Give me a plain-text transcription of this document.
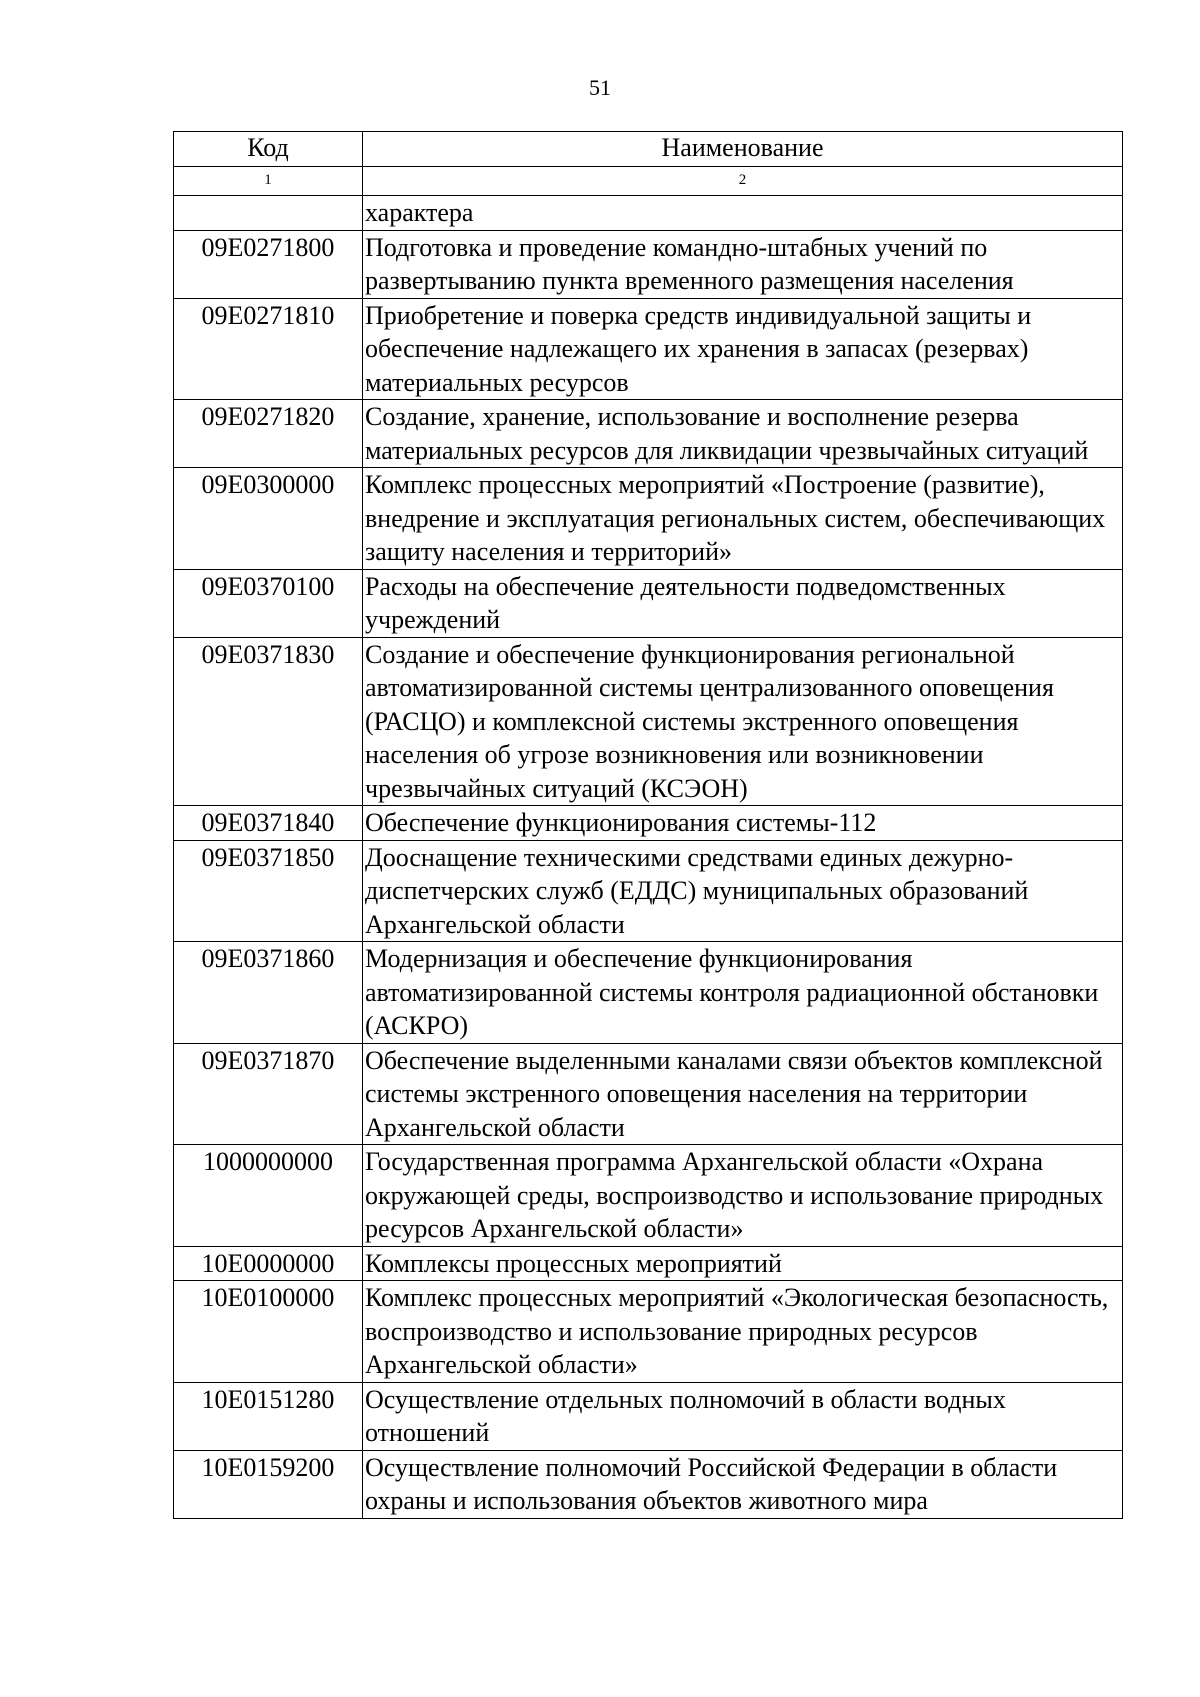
51
Код	Наименование
1	2
	характера
09Е0271800	Подготовка и проведение командно-штабных учений по развертыванию пункта временного размещения населения
09Е0271810	Приобретение и поверка средств индивидуальной защиты и обеспечение надлежащего их хранения в запасах (резервах) материальных ресурсов
09Е0271820	Создание, хранение, использование и восполнение резерва материальных ресурсов для ликвидации чрезвычайных ситуаций
09Е0300000	Комплекс процессных мероприятий «Построение (развитие), внедрение и эксплуатация региональных систем, обеспечивающих защиту населения и территорий»
09Е0370100	Расходы на обеспечение деятельности подведомственных учреждений
09Е0371830	Создание и обеспечение функционирования региональной автоматизированной системы централизованного оповещения (РАСЦО) и комплексной системы экстренного оповещения населения об угрозе возникновения или возникновении чрезвычайных ситуаций (КСЭОН)
09Е0371840	Обеспечение функционирования системы-112
09Е0371850	Дооснащение техническими средствами единых дежурно-диспетчерских служб (ЕДДС) муниципальных образований Архангельской области
09Е0371860	Модернизация и обеспечение функционирования автоматизированной системы контроля радиационной обстановки (АСКРО)
09Е0371870	Обеспечение выделенными каналами связи объектов комплексной системы экстренного оповещения населения на территории Архангельской области
1000000000	Государственная программа Архангельской области «Охрана окружающей среды, воспроизводство и использование природных ресурсов Архангельской области»
10Е0000000	Комплексы процессных мероприятий
10Е0100000	Комплекс процессных мероприятий «Экологическая безопасность, воспроизводство и использование природных ресурсов Архангельской области»
10Е0151280	Осуществление отдельных полномочий в области водных отношений
10Е0159200	Осуществление полномочий Российской Федерации в области охраны и использования объектов животного мира
